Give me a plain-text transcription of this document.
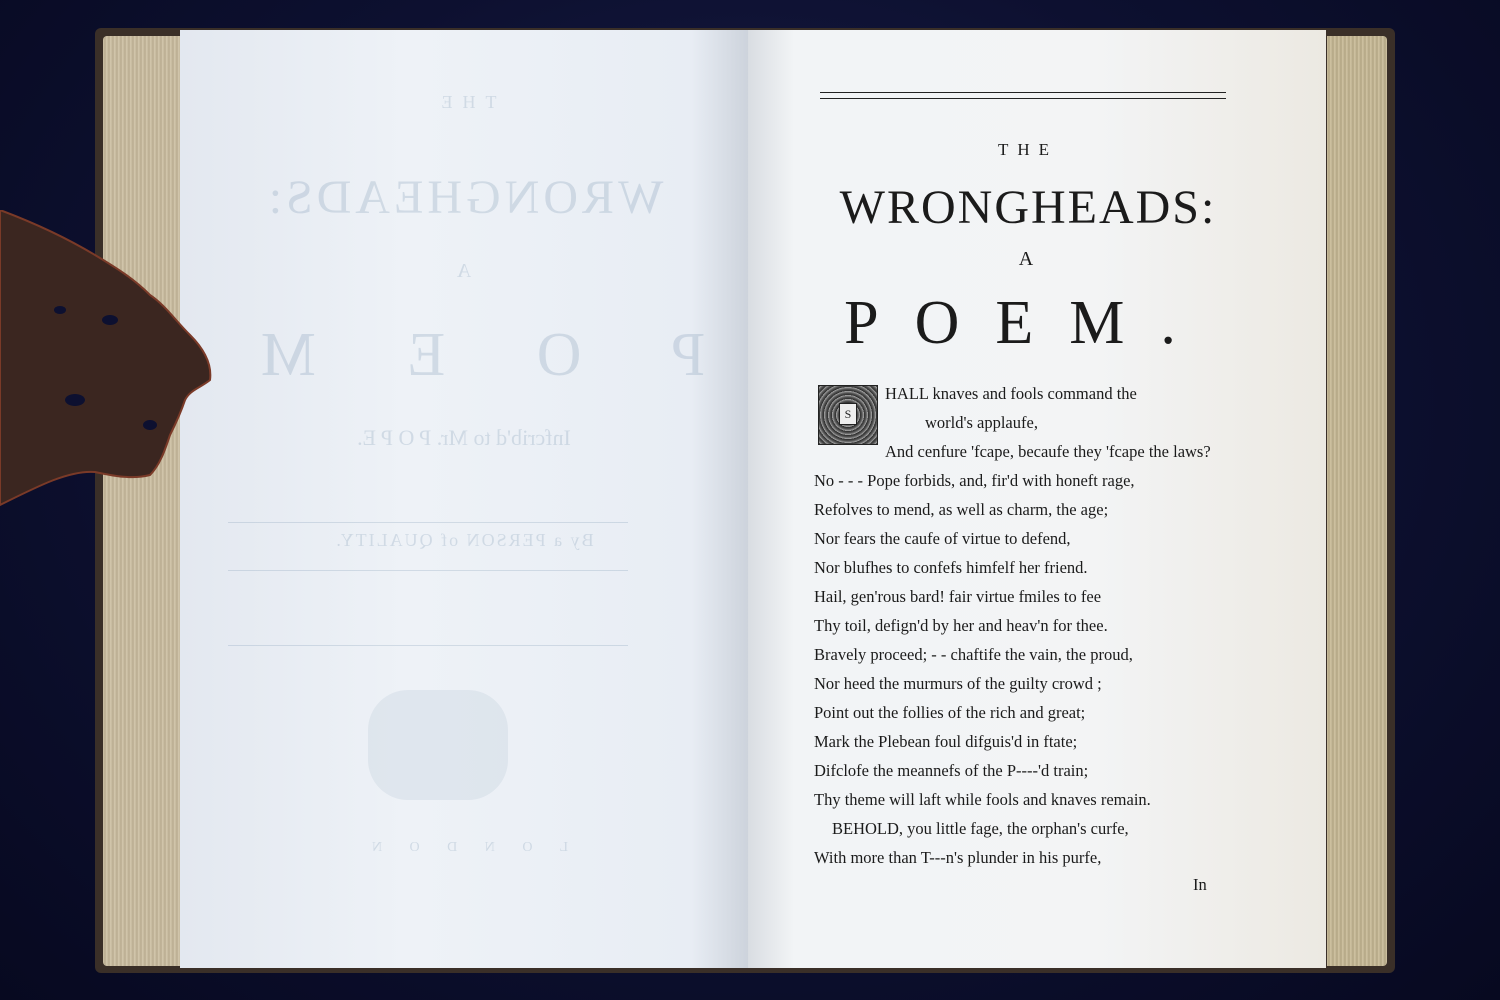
THE
WRONGHEADS:
A
P O E M
Infcrib'd to Mr. P O P E.
By a PERSON of QUALITY.
L O N D O N
THE
WRONGHEADS:
A
POEM.
S
HALL knaves and fools command the
world's applaufe,
And cenfure 'fcape, becaufe they 'fcape the laws?
No - - - Pope forbids, and, fir'd with honeft rage,
Refolves to mend, as well as charm, the age;
Nor fears the caufe of virtue to defend,
Nor blufhes to confefs himfelf her friend.
Hail, gen'rous bard! fair virtue fmiles to fee
Thy toil, defign'd by her and heav'n for thee.
Bravely proceed; - - chaftife the vain, the proud,
Nor heed the murmurs of the guilty crowd ;
Point out the follies of the rich and great;
Mark the Plebean foul difguis'd in ftate;
Difclofe the meannefs of the P----'d train;
Thy theme will laft while fools and knaves remain.
BEHOLD, you little fage, the orphan's curfe,
With more than T---n's plunder in his purfe,
In
